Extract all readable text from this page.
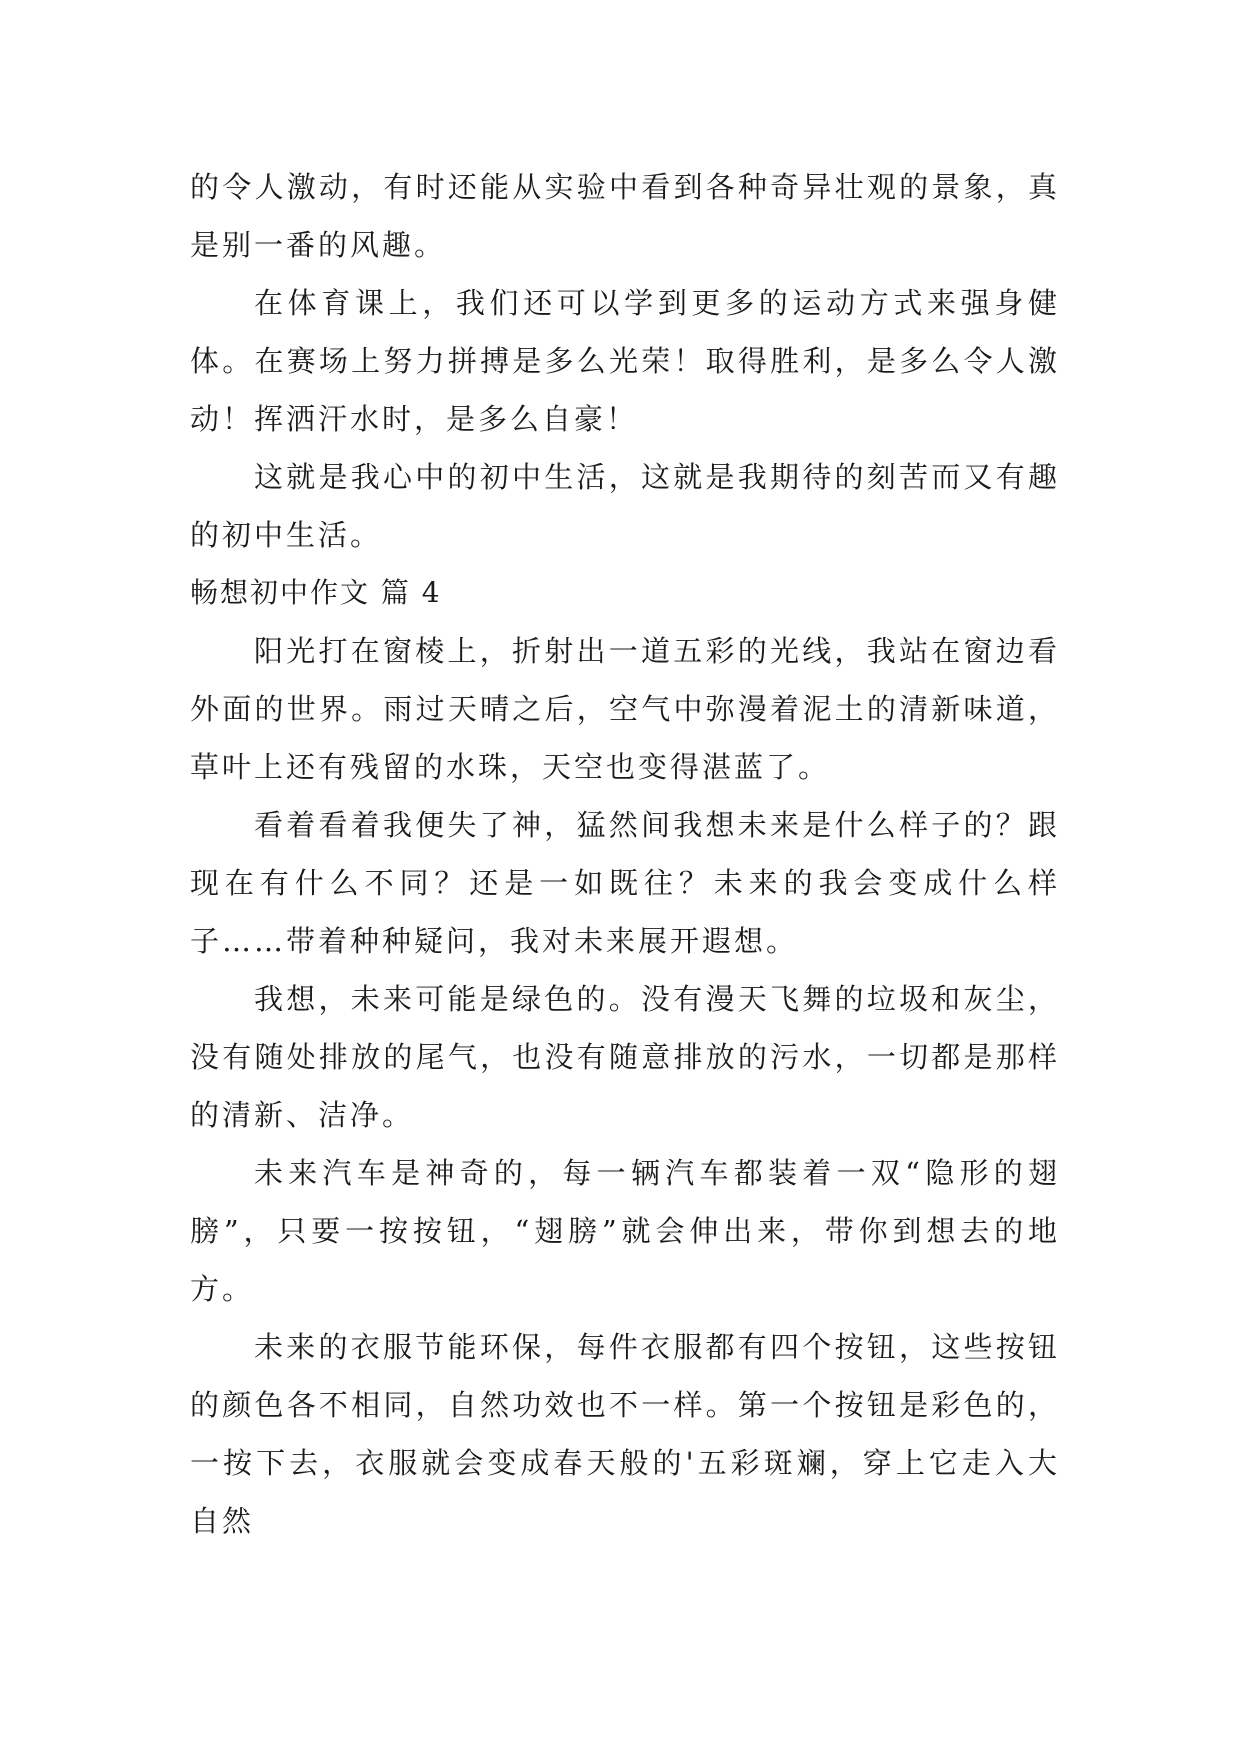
的令人激动，有时还能从实验中看到各种奇异壮观的景象，真是别一番的风趣。

在体育课上，我们还可以学到更多的运动方式来强身健体。在赛场上努力拼搏是多么光荣！取得胜利，是多么令人激动！挥洒汗水时，是多么自豪！

这就是我心中的初中生活，这就是我期待的刻苦而又有趣的初中生活。

畅想初中作文 篇 4

阳光打在窗棱上，折射出一道五彩的光线，我站在窗边看外面的世界。雨过天晴之后，空气中弥漫着泥土的清新味道，草叶上还有残留的水珠，天空也变得湛蓝了。

看着看着我便失了神，猛然间我想未来是什么样子的？跟现在有什么不同？还是一如既往？未来的我会变成什么样子……带着种种疑问，我对未来展开遐想。

我想，未来可能是绿色的。没有漫天飞舞的垃圾和灰尘，没有随处排放的尾气，也没有随意排放的污水，一切都是那样的清新、洁净。

未来汽车是神奇的，每一辆汽车都装着一双“隐形的翅膀”，只要一按按钮，“翅膀”就会伸出来，带你到想去的地方。

未来的衣服节能环保，每件衣服都有四个按钮，这些按钮的颜色各不相同，自然功效也不一样。第一个按钮是彩色的，一按下去，衣服就会变成春天般的'五彩斑斓，穿上它走入大自然
